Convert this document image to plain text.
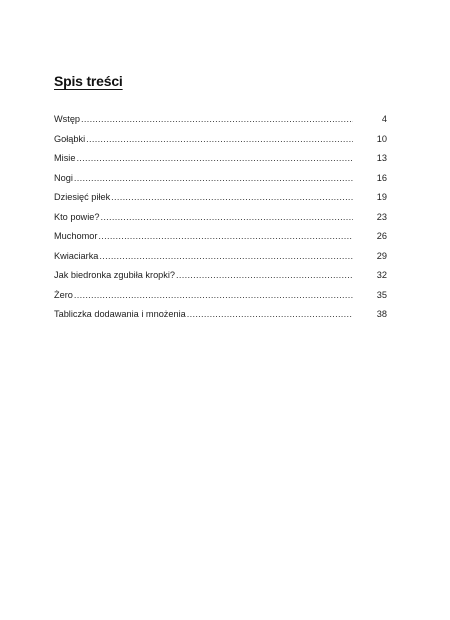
Spis treści
Wstęp .....	4
Gołąbki .....	10
Misie .....	13
Nogi .....	16
Dziesięć piłek .....	19
Kto powie? .....	23
Muchomor .....	26
Kwiaciarka .....	29
Jak biedronka zgubiła kropki? .....	32
Żero .....	35
Tabliczka dodawania i mnożenia .....	38
